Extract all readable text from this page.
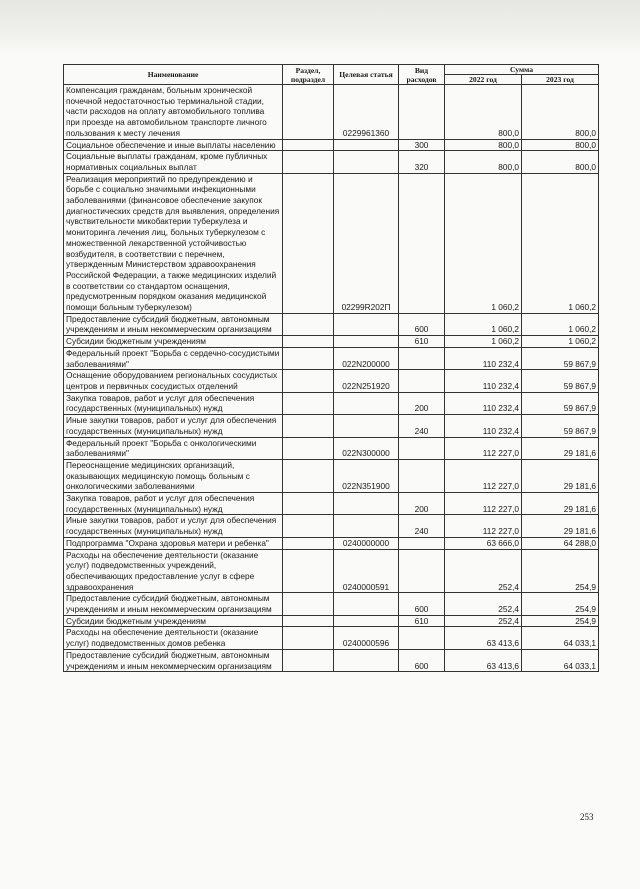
Наименование	Раздел, подраздел	Целевая статья	Вид расходов	Сумма	
				2022 год	2023 год

Компенсация гражданам, больным хронической почечной недостаточностью терминальной стадии, части расходов на оплату автомобильного топлива при проезде на автомобильном транспорте личного пользования к месту лечения		0229961360		800,0	800,0

Социальное обеспечение и иные выплаты населению			300	800,0	800,0

Социальные выплаты гражданам, кроме публичных нормативных социальных выплат			320	800,0	800,0

Реализация мероприятий по предупреждению и борьбе с социально значимыми инфекционными заболеваниями (финансовое обеспечение закупок диагностических средств для выявления, определения чувствительности микобактерии туберкулеза и мониторинга лечения лиц, больных туберкулезом с множественной лекарственной устойчивостью возбудителя, в соответствии с перечнем, утвержденным Министерством здравоохранения Российской Федерации, а также медицинских изделий в соответствии со стандартом оснащения, предусмотренным порядком оказания медицинской помощи больным туберкулезом)		02299R202П		1 060,2	1 060,2

Предоставление субсидий бюджетным, автономным учреждениям и иным некоммерческим организациям			600	1 060,2	1 060,2

Субсидии бюджетным учреждениям			610	1 060,2	1 060,2

Федеральный проект "Борьба с сердечно-сосудистыми заболеваниями"		022N200000		110 232,4	59 867,9

Оснащение оборудованием региональных сосудистых центров и первичных сосудистых отделений		022N251920		110 232,4	59 867,9

Закупка товаров, работ и услуг для обеспечения государственных (муниципальных) нужд			200	110 232,4	59 867,9

Иные закупки товаров, работ и услуг для обеспечения государственных (муниципальных) нужд			240	110 232,4	59 867,9

Федеральный проект "Борьба с онкологическими заболеваниями"		022N300000		112 227,0	29 181,6

Переоснащение медицинских организаций, оказывающих медицинскую помощь больным с онкологическими заболеваниями		022N351900		112 227,0	29 181,6

Закупка товаров, работ и услуг для обеспечения государственных (муниципальных) нужд			200	112 227,0	29 181,6

Иные закупки товаров, работ и услуг для обеспечения государственных (муниципальных) нужд			240	112 227,0	29 181,6

Подпрограмма "Охрана здоровья матери и ребенка"		0240000000		63 666,0	64 288,0

Расходы на обеспечение деятельности (оказание услуг) подведомственных учреждений, обеспечивающих предоставление услуг в сфере здравоохранения		0240000591		252,4	254,9

Предоставление субсидий бюджетным, автономным учреждениям и иным некоммерческим организациям			600	252,4	254,9

Субсидии бюджетным учреждениям			610	252,4	254,9

Расходы на обеспечение деятельности (оказание услуг) подведомственных домов ребенка		0240000596		63 413,6	64 033,1

Предоставление субсидий бюджетным, автономным учреждениям и иным некоммерческим организациям			600	63 413,6	64 033,1
253
